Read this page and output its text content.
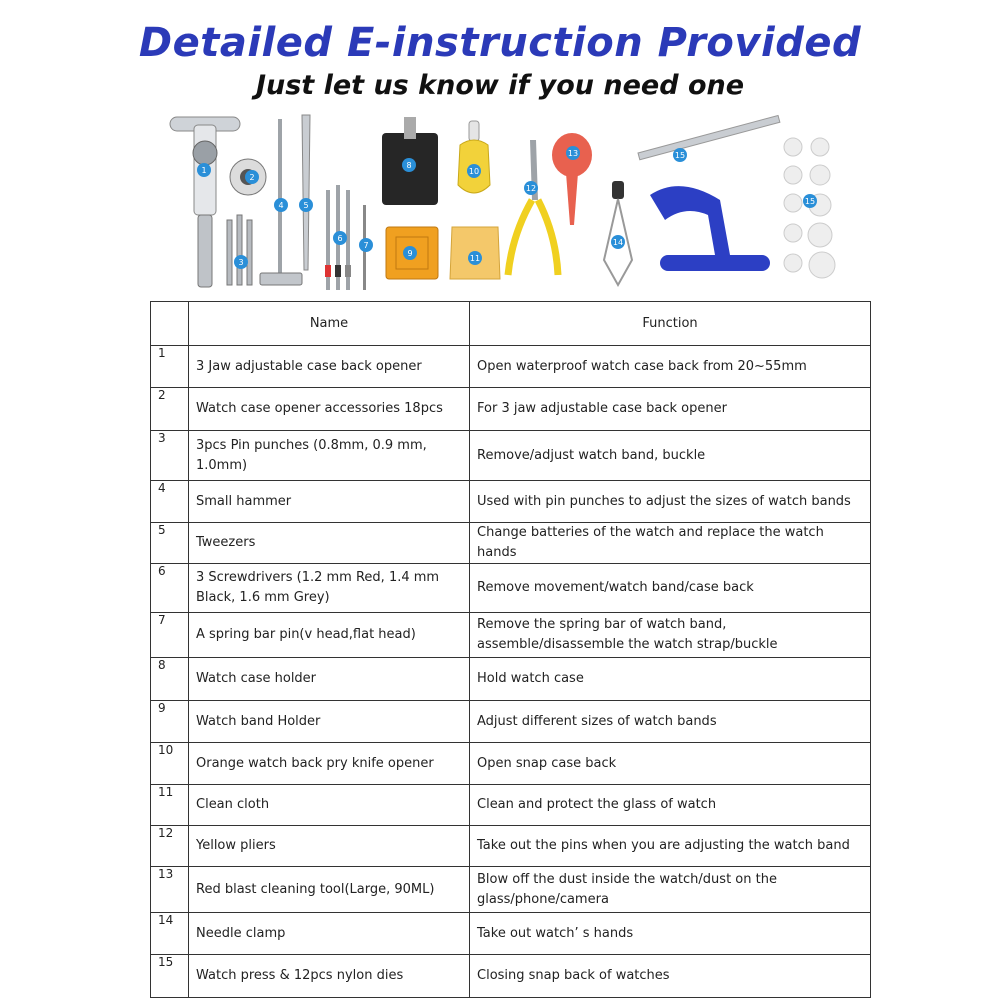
Detailed E-instruction Provided
Just let us know if you need one
1
2
3
4 5
6
7
8
9
10
11
12
13
14
15
15
	Name	Function
1	3 Jaw adjustable case back opener	Open waterproof watch case back from 20~55mm
2	Watch case opener accessories 18pcs	For 3 jaw adjustable case back opener
3	3pcs Pin punches (0.8mm, 0.9 mm, 1.0mm)	Remove/adjust watch band, buckle
4	Small hammer	Used with pin punches to adjust the sizes of watch bands
5	Tweezers	Change batteries of the watch and replace the watch hands
6	3 Screwdrivers (1.2 mm Red, 1.4 mm Black, 1.6 mm Grey)	Remove movement/watch band/case back
7	A spring bar pin(v head,flat head)	Remove the spring bar of watch band, assemble/disassemble the watch strap/buckle
8	Watch case holder	Hold watch case
9	Watch band Holder	Adjust different sizes of watch bands
10	Orange watch back pry knife opener	Open snap case back
11	Clean cloth	Clean and protect the glass of watch
12	Yellow pliers	Take out the pins when you are adjusting the watch band
13	Red blast cleaning tool(Large, 90ML)	Blow off the dust inside the watch/dust on the glass/phone/camera
14	Needle clamp	Take out watch’ s hands
15	Watch press & 12pcs nylon dies	Closing snap back of watches
